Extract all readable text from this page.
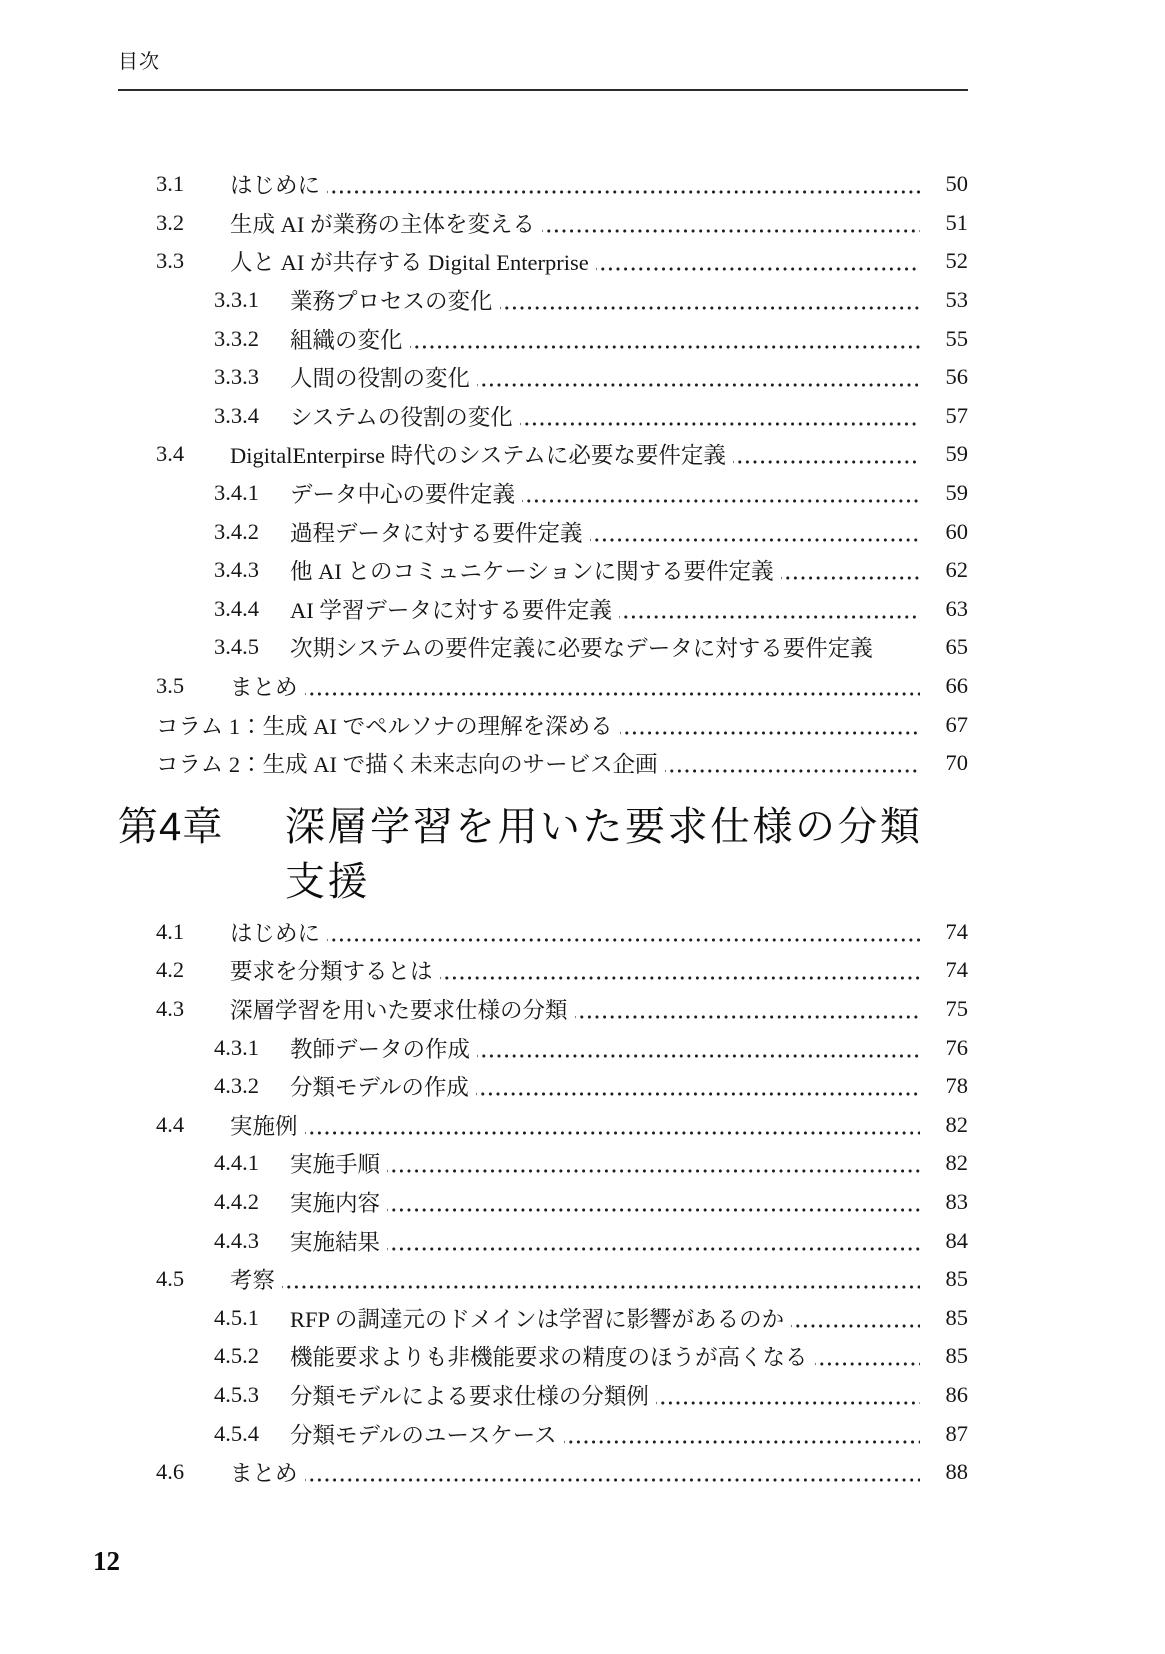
目次
3.1	はじめに	50
3.2	生成 AI が業務の主体を変える	51
3.3	人と AI が共存する Digital Enterprise	52
3.3.1	業務プロセスの変化	53
3.3.2	組織の変化	55
3.3.3	人間の役割の変化	56
3.3.4	システムの役割の変化	57
3.4	DigitalEnterpirse 時代のシステムに必要な要件定義	59
3.4.1	データ中心の要件定義	59
3.4.2	過程データに対する要件定義	60
3.4.3	他 AI とのコミュニケーションに関する要件定義	62
3.4.4	AI 学習データに対する要件定義	63
3.4.5	次期システムの要件定義に必要なデータに対する要件定義	65
3.5	まとめ	66
コラム 1：生成 AI でペルソナの理解を深める	67
コラム 2：生成 AI で描く未来志向のサービス企画	70
第4章	深層学習を用いた要求仕様の分類
支援
4.1	はじめに	74
4.2	要求を分類するとは	74
4.3	深層学習を用いた要求仕様の分類	75
4.3.1	教師データの作成	76
4.3.2	分類モデルの作成	78
4.4	実施例	82
4.4.1	実施手順	82
4.4.2	実施内容	83
4.4.3	実施結果	84
4.5	考察	85
4.5.1	RFP の調達元のドメインは学習に影響があるのか	85
4.5.2	機能要求よりも非機能要求の精度のほうが高くなる	85
4.5.3	分類モデルによる要求仕様の分類例	86
4.5.4	分類モデルのユースケース	87
4.6	まとめ	88
12
